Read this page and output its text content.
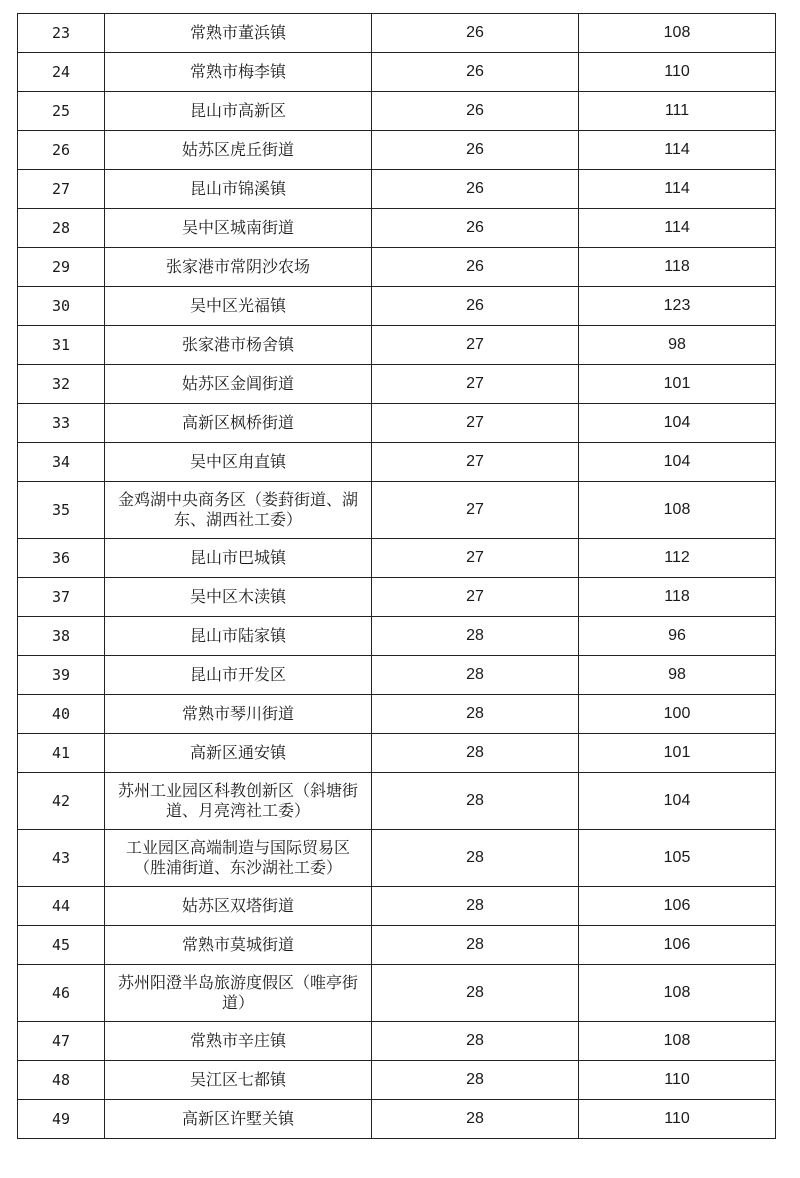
23	常熟市董浜镇	26	108
24	常熟市梅李镇	26	110
25	昆山市高新区	26	111
26	姑苏区虎丘街道	26	114
27	昆山市锦溪镇	26	114
28	吴中区城南街道	26	114
29	张家港市常阴沙农场	26	118
30	吴中区光福镇	26	123
31	张家港市杨舍镇	27	98
32	姑苏区金阊街道	27	101
33	高新区枫桥街道	27	104
34	吴中区甪直镇	27	104
35	金鸡湖中央商务区（娄葑街道、湖东、湖西社工委）	27	108
36	昆山市巴城镇	27	112
37	吴中区木渎镇	27	118
38	昆山市陆家镇	28	96
39	昆山市开发区	28	98
40	常熟市琴川街道	28	100
41	高新区通安镇	28	101
42	苏州工业园区科教创新区（斜塘街道、月亮湾社工委）	28	104
43	工业园区高端制造与国际贸易区（胜浦街道、东沙湖社工委）	28	105
44	姑苏区双塔街道	28	106
45	常熟市莫城街道	28	106
46	苏州阳澄半岛旅游度假区（唯亭街道）	28	108
47	常熟市辛庄镇	28	108
48	吴江区七都镇	28	110
49	高新区许墅关镇	28	110
